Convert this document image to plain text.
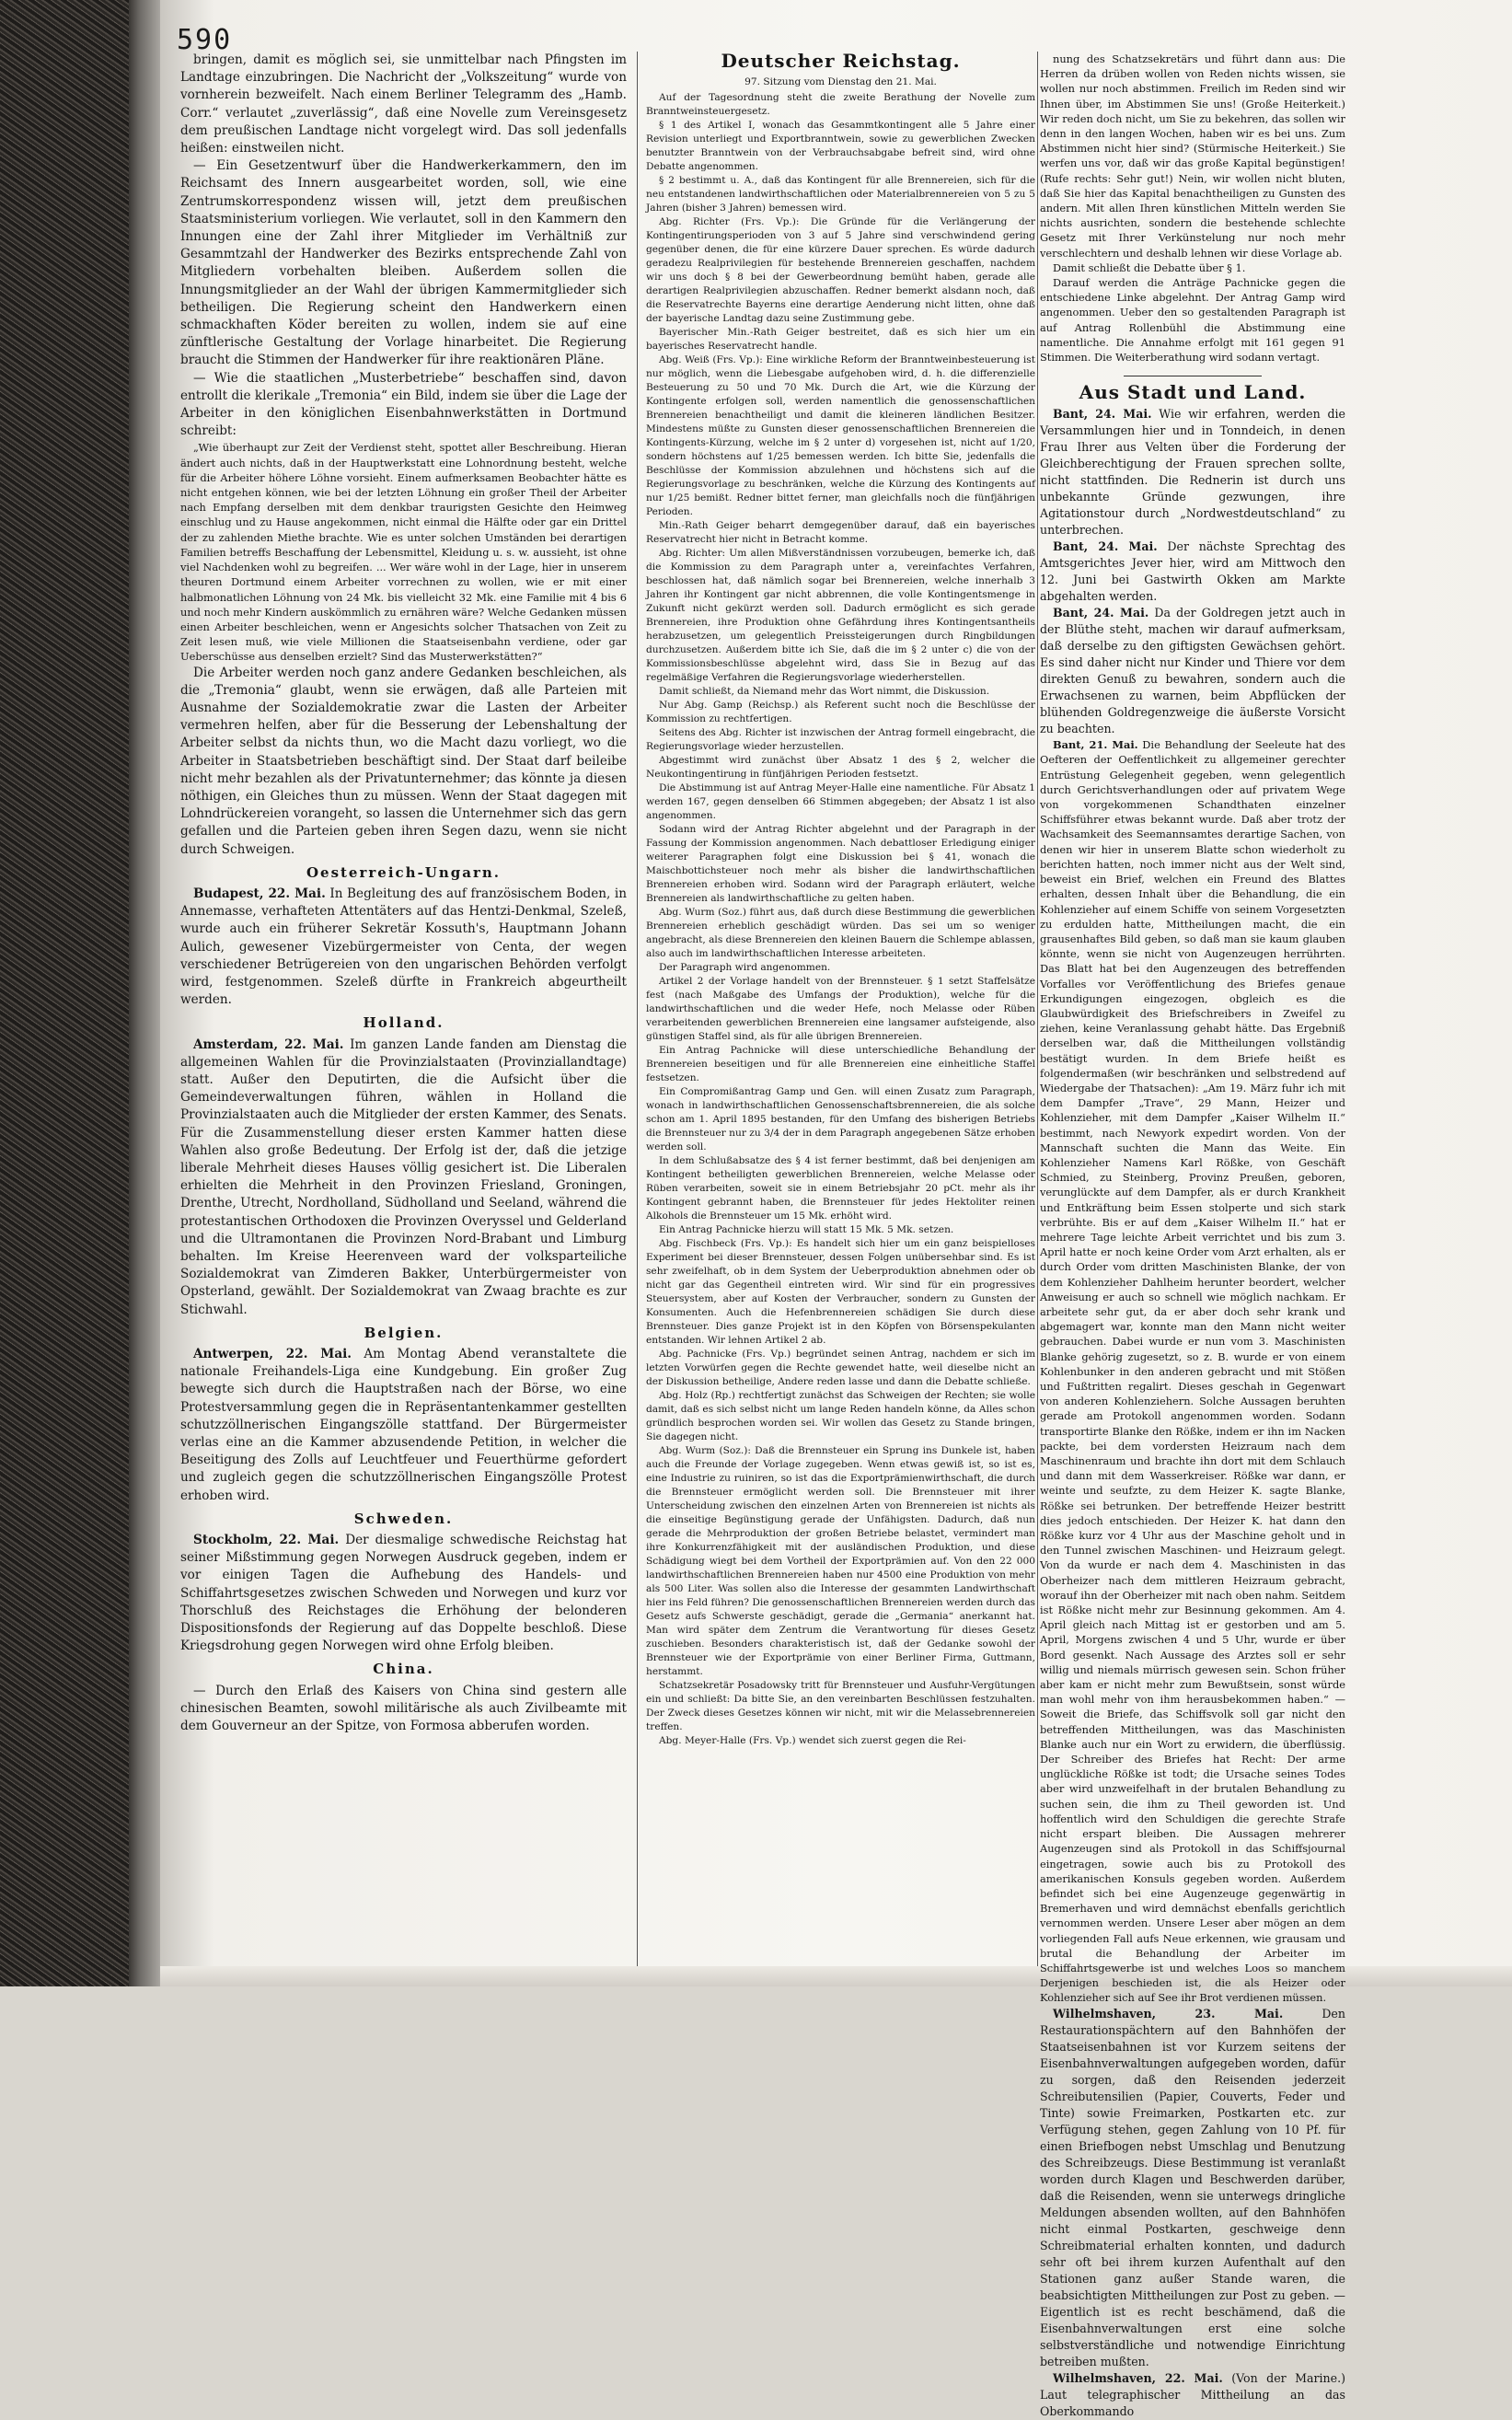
590

bringen, damit es möglich sei, sie unmittelbar nach Pfingsten im Landtage einzubringen. Die Nachricht der „Volkszeitung“ wurde von vornherein bezweifelt. Nach einem Berliner Telegramm des „Hamb. Corr.“ verlautet „zuverlässig“, daß eine Novelle zum Vereinsgesetz dem preußischen Landtage nicht vorgelegt wird. Das soll jedenfalls heißen: einstweilen nicht.

— Ein Gesetzentwurf über die Handwerkerkammern, den im Reichsamt des Innern ausgearbeitet worden, soll, wie eine Zentrumskorrespondenz wissen will, jetzt dem preußischen Staatsministerium vorliegen. Wie verlautet, soll in den Kammern den Innungen eine der Zahl ihrer Mitglieder im Verhältniß zur Gesammtzahl der Handwerker des Bezirks entsprechende Zahl von Mitgliedern vorbehalten bleiben. Außerdem sollen die Innungsmitglieder an der Wahl der übrigen Kammermitglieder sich betheiligen. Die Regierung scheint den Handwerkern einen schmackhaften Köder bereiten zu wollen, indem sie auf eine zünftlerische Gestaltung der Vorlage hinarbeitet. Die Regierung braucht die Stimmen der Handwerker für ihre reaktionären Pläne.

— Wie die staatlichen „Musterbetriebe“ beschaffen sind, davon entrollt die klerikale „Tremonia“ ein Bild, indem sie über die Lage der Arbeiter in den königlichen Eisenbahnwerkstätten in Dortmund schreibt:

„Wie überhaupt zur Zeit der Verdienst steht, spottet aller Beschreibung. Hieran ändert auch nichts, daß in der Hauptwerkstatt eine Lohnordnung besteht, welche für die Arbeiter höhere Löhne vorsieht. Einem aufmerksamen Beobachter hätte es nicht entgehen können, wie bei der letzten Löhnung ein großer Theil der Arbeiter nach Empfang derselben mit dem denkbar traurigsten Gesichte den Heimweg einschlug und zu Hause angekommen, nicht einmal die Hälfte oder gar ein Drittel der zu zahlenden Miethe brachte. Wie es unter solchen Umständen bei derartigen Familien betreffs Beschaffung der Lebensmittel, Kleidung u. s. w. aussieht, ist ohne viel Nachdenken wohl zu begreifen. ... Wer wäre wohl in der Lage, hier in unserem theuren Dortmund einem Arbeiter vorrechnen zu wollen, wie er mit einer halbmonatlichen Löhnung von 24 Mk. bis vielleicht 32 Mk. eine Familie mit 4 bis 6 und noch mehr Kindern auskömmlich zu ernähren wäre? Welche Gedanken müssen einen Arbeiter beschleichen, wenn er Angesichts solcher Thatsachen von Zeit zu Zeit lesen muß, wie viele Millionen die Staatseisenbahn verdiene, oder gar Ueberschüsse aus denselben erzielt? Sind das Musterwerkstätten?“

Die Arbeiter werden noch ganz andere Gedanken beschleichen, als die „Tremonia“ glaubt, wenn sie erwägen, daß alle Parteien mit Ausnahme der Sozialdemokratie zwar die Lasten der Arbeiter vermehren helfen, aber für die Besserung der Lebenshaltung der Arbeiter selbst da nichts thun, wo die Macht dazu vorliegt, wo die Arbeiter in Staatsbetrieben beschäftigt sind. Der Staat darf beileibe nicht mehr bezahlen als der Privatunternehmer; das könnte ja diesen nöthigen, ein Gleiches thun zu müssen. Wenn der Staat dagegen mit Lohndrückereien vorangeht, so lassen die Unternehmer sich das gern gefallen und die Parteien geben ihren Segen dazu, wenn sie nicht durch Schweigen.

Oesterreich-Ungarn.

Budapest, 22. Mai. In Begleitung des auf französischem Boden, in Annemasse, verhafteten Attentäters auf das Hentzi-Denkmal, Szeleß, wurde auch ein früherer Sekretär Kossuth's, Hauptmann Johann Aulich, gewesener Vizebürgermeister von Centa, der wegen verschiedener Betrügereien von den ungarischen Behörden verfolgt wird, festgenommen. Szeleß dürfte in Frankreich abgeurtheilt werden.

Holland.

Amsterdam, 22. Mai. Im ganzen Lande fanden am Dienstag die allgemeinen Wahlen für die Provinzialstaaten (Provinziallandtage) statt. Außer den Deputirten, die die Aufsicht über die Gemeindeverwaltungen führen, wählen in Holland die Provinzialstaaten auch die Mitglieder der ersten Kammer, des Senats. Für die Zusammenstellung dieser ersten Kammer hatten diese Wahlen also große Bedeutung. Der Erfolg ist der, daß die jetzige liberale Mehrheit dieses Hauses völlig gesichert ist. Die Liberalen erhielten die Mehrheit in den Provinzen Friesland, Groningen, Drenthe, Utrecht, Nordholland, Südholland und Seeland, während die protestantischen Orthodoxen die Provinzen Overyssel und Gelderland und die Ultramontanen die Provinzen Nord-Brabant und Limburg behalten. Im Kreise Heerenveen ward der volksparteiliche Sozialdemokrat van Zimderen Bakker, Unterbürgermeister von Opsterland, gewählt. Der Sozialdemokrat van Zwaag brachte es zur Stichwahl.

Belgien.

Antwerpen, 22. Mai. Am Montag Abend veranstaltete die nationale Freihandels-Liga eine Kundgebung. Ein großer Zug bewegte sich durch die Hauptstraßen nach der Börse, wo eine Protestversammlung gegen die in Repräsentantenkammer gestellten schutzzöllnerischen Eingangszölle stattfand. Der Bürgermeister verlas eine an die Kammer abzusendende Petition, in welcher die Beseitigung des Zolls auf Leuchtfeuer und Feuerthürme gefordert und zugleich gegen die schutzzöllnerischen Eingangszölle Protest erhoben wird.

Schweden.

Stockholm, 22. Mai. Der diesmalige schwedische Reichstag hat seiner Mißstimmung gegen Norwegen Ausdruck gegeben, indem er vor einigen Tagen die Aufhebung des Handels- und Schiffahrtsgesetzes zwischen Schweden und Norwegen und kurz vor Thorschluß des Reichstages die Erhöhung der belonderen Dispositionsfonds der Regierung auf das Doppelte beschloß. Diese Kriegsdrohung gegen Norwegen wird ohne Erfolg bleiben.

China.

— Durch den Erlaß des Kaisers von China sind gestern alle chinesischen Beamten, sowohl militärische als auch Zivilbeamte mit dem Gouverneur an der Spitze, von Formosa abberufen worden.

Deutscher Reichstag.
97. Sitzung vom Dienstag den 21. Mai.

Auf der Tagesordnung steht die zweite Berathung der Novelle zum Branntweinsteuergesetz.

§ 1 des Artikel I, wonach das Gesammtkontingent alle 5 Jahre einer Revision unterliegt und Exportbranntwein, sowie zu gewerblichen Zwecken benutzter Branntwein von der Verbrauchsabgabe befreit sind, wird ohne Debatte angenommen.

§ 2 bestimmt u. A., daß das Kontingent für alle Brennereien, sich für die neu entstandenen landwirthschaftlichen oder Materialbrennereien von 5 zu 5 Jahren (bisher 3 Jahren) bemessen wird.

Abg. Richter (Frs. Vp.): Die Gründe für die Verlängerung der Kontingentirungsperioden von 3 auf 5 Jahre sind verschwindend gering gegenüber denen, die für eine kürzere Dauer sprechen. Es würde dadurch geradezu Realprivilegien für bestehende Brennereien geschaffen, nachdem wir uns doch § 8 bei der Gewerbeordnung bemüht haben, gerade alle derartigen Realprivilegien abzuschaffen. Redner bemerkt alsdann noch, daß die Reservatrechte Bayerns eine derartige Aenderung nicht litten, ohne daß der bayerische Landtag dazu seine Zustimmung gebe.

Bayerischer Min.-Rath Geiger bestreitet, daß es sich hier um ein bayerisches Reservatrecht handle.

Abg. Weiß (Frs. Vp.): Eine wirkliche Reform der Branntweinbesteuerung ist nur möglich, wenn die Liebesgabe aufgehoben wird, d. h. die differenzielle Besteuerung zu 50 und 70 Mk. Durch die Art, wie die Kürzung der Kontingente erfolgen soll, werden namentlich die genossenschaftlichen Brennereien benachtheiligt und damit die kleineren ländlichen Besitzer. Mindestens müßte zu Gunsten dieser genossenschaftlichen Brennereien die Kontingents-Kürzung, welche im § 2 unter d) vorgesehen ist, nicht auf 1/20, sondern höchstens auf 1/25 bemessen werden. Ich bitte Sie, jedenfalls die Beschlüsse der Kommission abzulehnen und höchstens sich auf die Regierungsvorlage zu beschränken, welche die Kürzung des Kontingents auf nur 1/25 bemißt. Redner bittet ferner, man gleichfalls noch die fünfjährigen Perioden.

Min.-Rath Geiger beharrt demgegenüber darauf, daß ein bayerisches Reservatrecht hier nicht in Betracht komme.

Abg. Richter: Um allen Mißverständnissen vorzubeugen, bemerke ich, daß die Kommission zu dem Paragraph unter a, vereinfachtes Verfahren, beschlossen hat, daß nämlich sogar bei Brennereien, welche innerhalb 3 Jahren ihr Kontingent gar nicht abbrennen, die volle Kontingentsmenge in Zukunft nicht gekürzt werden soll. Dadurch ermöglicht es sich gerade Brennereien, ihre Produktion ohne Gefährdung ihres Kontingentsantheils herabzusetzen, um gelegentlich Preissteigerungen durch Ringbildungen durchzusetzen. Außerdem bitte ich Sie, daß die im § 2 unter c) die von der Kommissionsbeschlüsse abgelehnt wird, dass Sie in Bezug auf das regelmäßige Verfahren die Regierungsvorlage wiederherstellen.

Damit schließt, da Niemand mehr das Wort nimmt, die Diskussion.

Nur Abg. Gamp (Reichsp.) als Referent sucht noch die Beschlüsse der Kommission zu rechtfertigen.

Seitens des Abg. Richter ist inzwischen der Antrag formell eingebracht, die Regierungsvorlage wieder herzustellen.

Abgestimmt wird zunächst über Absatz 1 des § 2, welcher die Neukontingentirung in fünfjährigen Perioden festsetzt.

Die Abstimmung ist auf Antrag Meyer-Halle eine namentliche. Für Absatz 1 werden 167, gegen denselben 66 Stimmen abgegeben; der Absatz 1 ist also angenommen.

Sodann wird der Antrag Richter abgelehnt und der Paragraph in der Fassung der Kommission angenommen. Nach debattloser Erledigung einiger weiterer Paragraphen folgt eine Diskussion bei § 41, wonach die Maischbottichsteuer noch mehr als bisher die landwirthschaftlichen Brennereien erhoben wird. Sodann wird der Paragraph erläutert, welche Brennereien als landwirthschaftliche zu gelten haben.

Abg. Wurm (Soz.) führt aus, daß durch diese Bestimmung die gewerblichen Brennereien erheblich geschädigt würden. Das sei um so weniger angebracht, als diese Brennereien den kleinen Bauern die Schlempe ablassen, also auch im landwirthschaftlichen Interesse arbeiteten.

Der Paragraph wird angenommen.

Artikel 2 der Vorlage handelt von der Brennsteuer. § 1 setzt Staffelsätze fest (nach Maßgabe des Umfangs der Produktion), welche für die landwirthschaftlichen und die weder Hefe, noch Melasse oder Rüben verarbeitenden gewerblichen Brennereien eine langsamer aufsteigende, also günstigen Staffel sind, als für alle übrigen Brennereien.

Ein Antrag Pachnicke will diese unterschiedliche Behandlung der Brennereien beseitigen und für alle Brennereien eine einheitliche Staffel festsetzen.

Ein Compromißantrag Gamp und Gen. will einen Zusatz zum Paragraph, wonach in landwirthschaftlichen Genossenschaftsbrennereien, die als solche schon am 1. April 1895 bestanden, für den Umfang des bisherigen Betriebs die Brennsteuer nur zu 3/4 der in dem Paragraph angegebenen Sätze erhoben werden soll.

In dem Schlußabsatze des § 4 ist ferner bestimmt, daß bei denjenigen am Kontingent betheiligten gewerblichen Brennereien, welche Melasse oder Rüben verarbeiten, soweit sie in einem Betriebsjahr 20 pCt. mehr als ihr Kontingent gebrannt haben, die Brennsteuer für jedes Hektoliter reinen Alkohols die Brennsteuer um 15 Mk. erhöht wird.

Ein Antrag Pachnicke hierzu will statt 15 Mk. 5 Mk. setzen.

Abg. Fischbeck (Frs. Vp.): Es handelt sich hier um ein ganz beispielloses Experiment bei dieser Brennsteuer, dessen Folgen unübersehbar sind. Es ist sehr zweifelhaft, ob in dem System der Ueberproduktion abnehmen oder ob nicht gar das Gegentheil eintreten wird. Wir sind für ein progressives Steuersystem, aber auf Kosten der Verbraucher, sondern zu Gunsten der Konsumenten. Auch die Hefenbrennereien schädigen Sie durch diese Brennsteuer. Dies ganze Projekt ist in den Köpfen von Börsenspekulanten entstanden. Wir lehnen Artikel 2 ab.

Abg. Pachnicke (Frs. Vp.) begründet seinen Antrag, nachdem er sich im letzten Vorwürfen gegen die Rechte gewendet hatte, weil dieselbe nicht an der Diskussion betheilige, Andere reden lasse und dann die Debatte schließe.

Abg. Holz (Rp.) rechtfertigt zunächst das Schweigen der Rechten; sie wolle damit, daß es sich selbst nicht um lange Reden handeln könne, da Alles schon gründlich besprochen worden sei. Wir wollen das Gesetz zu Stande bringen, Sie dagegen nicht.

Abg. Wurm (Soz.): Daß die Brennsteuer ein Sprung ins Dunkele ist, haben auch die Freunde der Vorlage zugegeben. Wenn etwas gewiß ist, so ist es, eine Industrie zu ruiniren, so ist das die Exportprämienwirthschaft, die durch die Brennsteuer ermöglicht werden soll. Die Brennsteuer mit ihrer Unterscheidung zwischen den einzelnen Arten von Brennereien ist nichts als die einseitige Begünstigung gerade der Unfähigsten. Dadurch, daß nun gerade die Mehrproduktion der großen Betriebe belastet, vermindert man ihre Konkurrenzfähigkeit mit der ausländischen Produktion, und diese Schädigung wiegt bei dem Vortheil der Exportprämien auf. Von den 22 000 landwirthschaftlichen Brennereien haben nur 4500 eine Produktion von mehr als 500 Liter. Was sollen also die Interesse der gesammten Landwirthschaft hier ins Feld führen? Die genossenschaftlichen Brennereien werden durch das Gesetz aufs Schwerste geschädigt, gerade die „Germania“ anerkannt hat. Man wird später dem Zentrum die Verantwortung für dieses Gesetz zuschieben. Besonders charakteristisch ist, daß der Gedanke sowohl der Brennsteuer wie der Exportprämie von einer Berliner Firma, Guttmann, herstammt.

Schatzsekretär Posadowsky tritt für Brennsteuer und Ausfuhr-Vergütungen ein und schließt: Da bitte Sie, an den vereinbarten Beschlüssen festzuhalten. Der Zweck dieses Gesetzes können wir nicht, mit wir die Melassebrennereien treffen.

Abg. Meyer-Halle (Frs. Vp.) wendet sich zuerst gegen die Rei-

nung des Schatzsekretärs und führt dann aus: Die Herren da drüben wollen von Reden nichts wissen, sie wollen nur noch abstimmen. Freilich im Reden sind wir Ihnen über, im Abstimmen Sie uns! (Große Heiterkeit.) Wir reden doch nicht, um Sie zu bekehren, das sollen wir denn in den langen Wochen, haben wir es bei uns. Zum Abstimmen nicht hier sind? (Stürmische Heiterkeit.) Sie werfen uns vor, daß wir das große Kapital begünstigen! (Rufe rechts: Sehr gut!) Nein, wir wollen nicht bluten, daß Sie hier das Kapital benachtheiligen zu Gunsten des andern. Mit allen Ihren künstlichen Mitteln werden Sie nichts ausrichten, sondern die bestehende schlechte Gesetz mit Ihrer Verkünstelung nur noch mehr verschlechtern und deshalb lehnen wir diese Vorlage ab.

Damit schließt die Debatte über § 1.

Darauf werden die Anträge Pachnicke gegen die entschiedene Linke abgelehnt. Der Antrag Gamp wird angenommen. Ueber den so gestaltenden Paragraph ist auf Antrag Rollenbühl die Abstimmung eine namentliche. Die Annahme erfolgt mit 161 gegen 91 Stimmen. Die Weiterberathung wird sodann vertagt.

Aus Stadt und Land.

Bant, 24. Mai. Wie wir erfahren, werden die Versammlungen hier und in Tonndeich, in denen Frau Ihrer aus Velten über die Forderung der Gleichberechtigung der Frauen sprechen sollte, nicht stattfinden. Die Rednerin ist durch uns unbekannte Gründe gezwungen, ihre Agitationstour durch „Nordwestdeutschland“ zu unterbrechen.

Bant, 24. Mai. Der nächste Sprechtag des Amtsgerichtes Jever hier, wird am Mittwoch den 12. Juni bei Gastwirth Okken am Markte abgehalten werden.

Bant, 24. Mai. Da der Goldregen jetzt auch in der Blüthe steht, machen wir darauf aufmerksam, daß derselbe zu den giftigsten Gewächsen gehört. Es sind daher nicht nur Kinder und Thiere vor dem direkten Genuß zu bewahren, sondern auch die Erwachsenen zu warnen, beim Abpflücken der blühenden Goldregenzweige die äußerste Vorsicht zu beachten.

Bant, 21. Mai. Die Behandlung der Seeleute hat des Oefteren der Oeffentlichkeit zu allgemeiner gerechter Entrüstung Gelegenheit gegeben, wenn gelegentlich durch Gerichtsverhandlungen oder auf privatem Wege von vorgekommenen Schandthaten einzelner Schiffsführer etwas bekannt wurde. Daß aber trotz der Wachsamkeit des Seemannsamtes derartige Sachen, von denen wir hier in unserem Blatte schon wiederholt zu berichten hatten, noch immer nicht aus der Welt sind, beweist ein Brief, welchen ein Freund des Blattes erhalten, dessen Inhalt über die Behandlung, die ein Kohlenzieher auf einem Schiffe von seinem Vorgesetzten zu erdulden hatte, Mittheilungen macht, die ein grausenhaftes Bild geben, so daß man sie kaum glauben könnte, wenn sie nicht von Augenzeugen herrührten. Das Blatt hat bei den Augenzeugen des betreffenden Vorfalles vor Veröffentlichung des Briefes genaue Erkundigungen eingezogen, obgleich es die Glaubwürdigkeit des Briefschreibers in Zweifel zu ziehen, keine Veranlassung gehabt hätte. Das Ergebniß derselben war, daß die Mittheilungen vollständig bestätigt wurden. In dem Briefe heißt es folgendermaßen (wir beschränken und selbstredend auf Wiedergabe der Thatsachen): „Am 19. März fuhr ich mit dem Dampfer „Trave“, 29 Mann, Heizer und Kohlenzieher, mit dem Dampfer „Kaiser Wilhelm II.“ bestimmt, nach Newyork expedirt worden. Von der Mannschaft suchten die Mann das Weite. Ein Kohlenzieher Namens Karl Rößke, von Geschäft Schmied, zu Steinberg, Provinz Preußen, geboren, verunglückte auf dem Dampfer, als er durch Krankheit und Entkräftung beim Essen stolperte und sich stark verbrühte. Bis er auf dem „Kaiser Wilhelm II.“ hat er mehrere Tage leichte Arbeit verrichtet und bis zum 3. April hatte er noch keine Order vom Arzt erhalten, als er durch Order vom dritten Maschinisten Blanke, der von dem Kohlenzieher Dahlheim herunter beordert, welcher Anweisung er auch so schnell wie möglich nachkam. Er arbeitete sehr gut, da er aber doch sehr krank und abgemagert war, konnte man den Mann nicht weiter gebrauchen. Dabei wurde er nun vom 3. Maschinisten Blanke gehörig zugesetzt, so z. B. wurde er von einem Kohlenbunker in den anderen gebracht und mit Stößen und Fußtritten regalirt. Dieses geschah in Gegenwart von anderen Kohlenziehern. Solche Aussagen beruhten gerade am Protokoll angenommen worden. Sodann transportirte Blanke den Rößke, indem er ihn im Nacken packte, bei dem vordersten Heizraum nach dem Maschinenraum und brachte ihn dort mit dem Schlauch und dann mit dem Wasserkreiser. Rößke war dann, er weinte und seufzte, zu dem Heizer K. sagte Blanke, Rößke sei betrunken. Der betreffende Heizer bestritt dies jedoch entschieden. Der Heizer K. hat dann den Rößke kurz vor 4 Uhr aus der Maschine geholt und in den Tunnel zwischen Maschinen- und Heizraum gelegt. Von da wurde er nach dem 4. Maschinisten in das Oberheizer nach dem mittleren Heizraum gebracht, worauf ihn der Oberheizer mit nach oben nahm. Seitdem ist Rößke nicht mehr zur Besinnung gekommen. Am 4. April gleich nach Mittag ist er gestorben und am 5. April, Morgens zwischen 4 und 5 Uhr, wurde er über Bord gesenkt. Nach Aussage des Arztes soll er sehr willig und niemals mürrisch gewesen sein. Schon früher aber kam er nicht mehr zum Bewußtsein, sonst würde man wohl mehr von ihm herausbekommen haben.“ — Soweit die Briefe, das Schiffsvolk soll gar nicht den betreffenden Mittheilungen, was das Maschinisten Blanke auch nur ein Wort zu erwidern, die überflüssig. Der Schreiber des Briefes hat Recht: Der arme unglückliche Rößke ist todt; die Ursache seines Todes aber wird unzweifelhaft in der brutalen Behandlung zu suchen sein, die ihm zu Theil geworden ist. Und hoffentlich wird den Schuldigen die gerechte Strafe nicht erspart bleiben. Die Aussagen mehrerer Augenzeugen sind als Protokoll in das Schiffsjournal eingetragen, sowie auch bis zu Protokoll des amerikanischen Konsuls gegeben worden. Außerdem befindet sich bei eine Augenzeuge gegenwärtig in Bremerhaven und wird demnächst ebenfalls gerichtlich vernommen werden. Unsere Leser aber mögen an dem vorliegenden Fall aufs Neue erkennen, wie grausam und brutal die Behandlung der Arbeiter im Schiffahrtsgewerbe ist und welches Loos so manchem Derjenigen beschieden ist, die als Heizer oder Kohlenzieher sich auf See ihr Brot verdienen müssen.

Wilhelmshaven, 23. Mai. Den Restaurationspächtern auf den Bahnhöfen der Staatseisenbahnen ist vor Kurzem seitens der Eisenbahnverwaltungen aufgegeben worden, dafür zu sorgen, daß den Reisenden jederzeit Schreibutensilien (Papier, Couverts, Feder und Tinte) sowie Freimarken, Postkarten etc. zur Verfügung stehen, gegen Zahlung von 10 Pf. für einen Briefbogen nebst Umschlag und Benutzung des Schreibzeugs. Diese Bestimmung ist veranlaßt worden durch Klagen und Beschwerden darüber, daß die Reisenden, wenn sie unterwegs dringliche Meldungen absenden wollten, auf den Bahnhöfen nicht einmal Postkarten, geschweige denn Schreibmaterial erhalten konnten, und dadurch sehr oft bei ihrem kurzen Aufenthalt auf den Stationen ganz außer Stande waren, die beabsichtigten Mittheilungen zur Post zu geben. — Eigentlich ist es recht beschämend, daß die Eisenbahnverwaltungen erst eine solche selbstverständliche und notwendige Einrichtung betreiben mußten.

Wilhelmshaven, 22. Mai. (Von der Marine.) Laut telegraphischer Mittheilung an das Oberkommando
